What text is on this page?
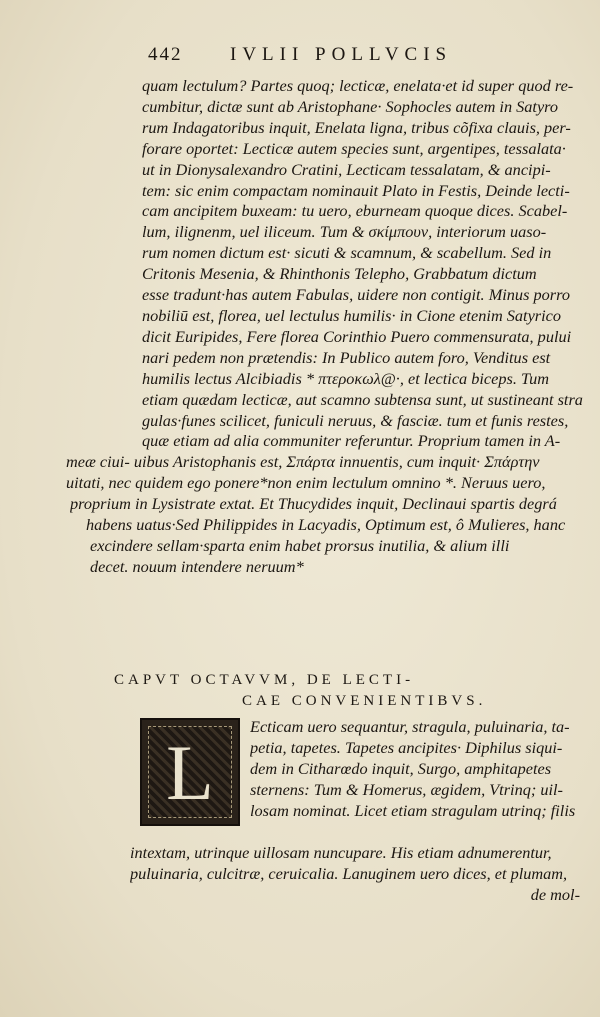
442	IVLII POLLVCIS
quam lectulum? Partes quoq; lecticæ, enelata·et id super quod re-
cumbitur, dictæ sunt ab Aristophane· Sophocles autem in Satyro
rum Indagatoribus inquit, Enelata ligna, tribus cõfixa clauis, per-
forare oportet: Lecticæ autem species sunt, argentipes, tessalata·
ut in Dionysalexandro Cratini, Lecticam tessalatam, & ancipi-
tem: sic enim compactam nominauit Plato in Festis, Deinde lecti-
cam ancipitem buxeam: tu uero, eburneam quoque dices. Scabel-
lum, ilignenm, uel iliceum. Tum & σκίμπουν, interiorum uaso-
rum nomen dictum est· sicuti & scamnum, & scabellum. Sed in
Critonis Mesenia, & Rhinthonis Telepho, Grabbatum dictum
esse tradunt·has autem Fabulas, uidere non contigit. Minus porro
nobiliū est, florea, uel lectulus humilis· in Cione etenim Satyrico
dicit Euripides, Fere florea Corinthio Puero commensurata, pului
nari pedem non prætendis: In Publico autem foro, Venditus est
humilis lectus Alcibiadis * πτεροκωλ@·, et lectica biceps. Tum
etiam quædam lecticæ, aut scamno subtensa sunt, ut sustineant stra
gulas·funes scilicet, funiculi neruus, & fasciæ. tum et funis restes,
quæ etiam ad alia communiter referuntur. Proprium tamen in A-
meæ ciui- uibus Aristophanis est, Σπάρτα innuentis, cum inquit· Σπάρτην
uitati, nec quidem ego ponere*non enim lectulum omnino *. Neruus uero,
proprium in Lysistrate extat. Et Thucydides inquit, Declinaui spartis degrá
habens uatus·Sed Philippides in Lacyadis, Optimum est, ô Mulieres, hanc
excindere sellam·sparta enim habet prorsus inutilia, & alium illi
decet. nouum intendere neruum*
CAPVT OCTAVVM, DE LECTI-
CAE CONVENIENTIBVS.
L
Ecticam uero sequantur, stragula, puluinaria, ta-
petia, tapetes. Tapetes ancipites· Diphilus siqui-
dem in Citharœdo inquit, Surgo, amphitapetes
sternens: Tum & Homerus, ægidem, Vtrinq; uil-
losam nominat. Licet etiam stragulam utrinq; filis
intextam, utrinque uillosam nuncupare. His etiam adnumerentur,
puluinaria, culcitræ, ceruicalia. Lanuginem uero dices, et plumam,
de mol-
